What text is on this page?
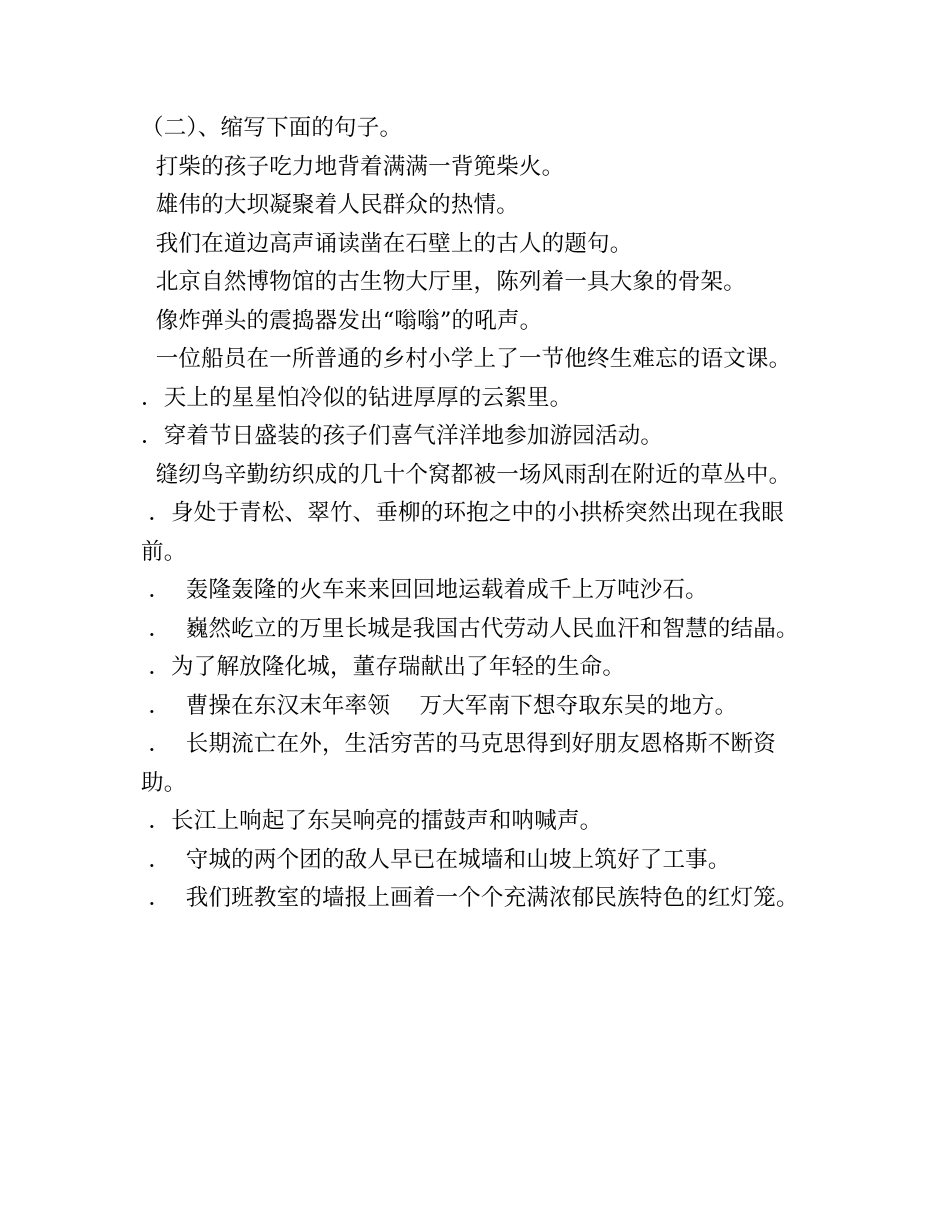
（二）、缩写下面的句子。

打柴的孩子吃力地背着满满一背篼柴火。

雄伟的大坝凝聚着人民群众的热情。

我们在道边高声诵读凿在石壁上的古人的题句。

北京自然博物馆的古生物大厅里，陈列着一具大象的骨架。

像炸弹头的震捣器发出“嗡嗡”的吼声。

一位船员在一所普通的乡村小学上了一节他终生难忘的语文课。

．天上的星星怕冷似的钻进厚厚的云絮里。

．穿着节日盛装的孩子们喜气洋洋地参加游园活动。

缝纫鸟辛勤纺织成的几十个窝都被一场风雨刮在附近的草丛中。

．身处于青松、翠竹、垂柳的环抱之中的小拱桥突然出现在我眼前。

．  轰隆轰隆的火车来来回回地运载着成千上万吨沙石。

．  巍然屹立的万里长城是我国古代劳动人民血汗和智慧的结晶。

．为了解放隆化城，董存瑞献出了年轻的生命。

．  曹操在东汉末年率领    万大军南下想夺取东吴的地方。

．  长期流亡在外，生活穷苦的马克思得到好朋友恩格斯不断资助。

．长江上响起了东吴响亮的擂鼓声和呐喊声。

．  守城的两个团的敌人早已在城墙和山坡上筑好了工事。

．  我们班教室的墙报上画着一个个充满浓郁民族特色的红灯笼。
